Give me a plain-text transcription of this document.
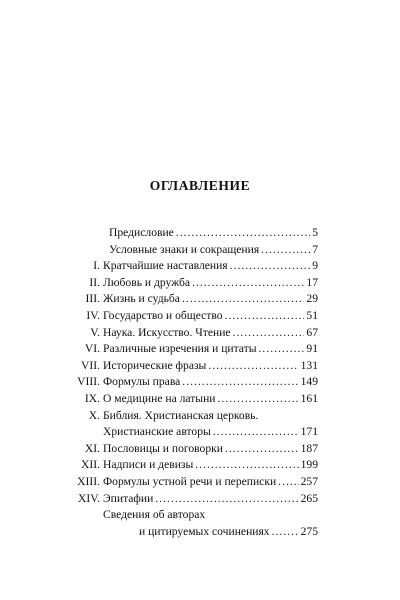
ОГЛАВЛЕНИЕ
Предисловие .....	5
Условные знаки и сокращения .....	7
I. Кратчайшие наставления .....	9
II. Любовь и дружба .....	17
III. Жизнь и судьба .....	29
IV. Государство и общество .....	51
V. Наука. Искусство. Чтение .....	67
VI. Различные изречения и цитаты .....	91
VII. Исторические фразы .....	131
VIII. Формулы права .....	149
IX. О медицине на латыни .....	161
X. Библия. Христианская церковь.
Христианские авторы .....	171
XI. Пословицы и поговорки .....	187
XII. Надписи и девизы .....	199
XIII. Формулы устной речи и переписки ..... 257
XIV. Эпитафии .....	265
Сведения об авторах
и цитируемых сочинениях .....	275
